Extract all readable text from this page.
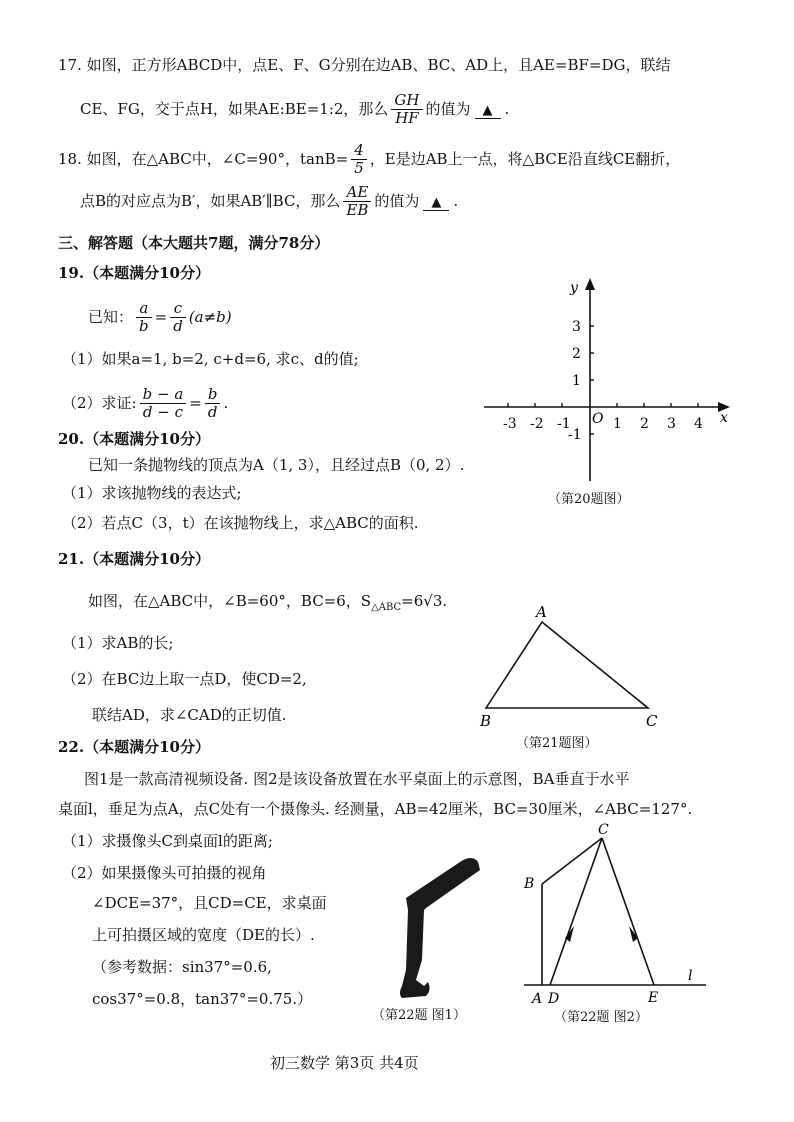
17. 如图，正方形ABCD中，点E、F、G分别在边AB、BC、AD上，且AE=BF=DG，联结
CE、FG，交于点H，如果AE:BE=1:2，那么 $\frac{GH}{HF}$ 的值为 ▲ .
18. 如图，在△ABC中，∠C=90°，$\tan B= \frac{4}{5}$ ，E是边AB上一点，将△BCE沿直线CE翻折，
点B的对应点为B′，如果AB′∥BC，那么 $\frac{AE}{EB}$ 的值为 ▲ .
三、解答题（本大题共7题，满分78分）
19.（本题满分10分）
已知： $\frac{a}{b} = \frac{c}{d} (a\ne b)$
（1）如果a=1, b=2, c+d=6, 求c、d的值;
（2）求证: $\frac{b - a}{d - c} = \frac{b}{d}$ .
20.（本题满分10分）
已知一条抛物线的顶点为A（1, 3），且经过点B（0, 2）.
（1）求该抛物线的表达式;
（2）若点C（3，t）在该抛物线上，求△ABC的面积.
-3 -2 -1	1 2 3 4
3
2
1
-1
O	x
y
（第20题图）
21.（本题满分10分）
如图，在△ABC中，∠B=60°，BC=6，$S_{\triangle ABC}=6√3$.
（1）求AB的长;
（2）在BC边上取一点D，使CD=2,
联结AD，求∠CAD的正切值.
A
B	C
（第21题图）
22.（本题满分10分）
图1是一款高清视频设备. 图2是该设备放置在水平桌面上的示意图，BA垂直于水平
桌面l，垂足为点A，点C处有一个摄像头. 经测量，AB=42厘米，BC=30厘米，∠ABC=127°.
（1）求摄像头C到桌面l的距离;
（2）如果摄像头可拍摄的视角
∠DCE=37°，且CD=CE，求桌面
上可拍摄区域的宽度（DE的长）.
（参考数据：sin37°=0.6,
cos37°=0.8，tan37°=0.75.）
（第22题 图1）
C
B
A D	E
l
（第22题 图2）
初三数学 第3页 共4页
